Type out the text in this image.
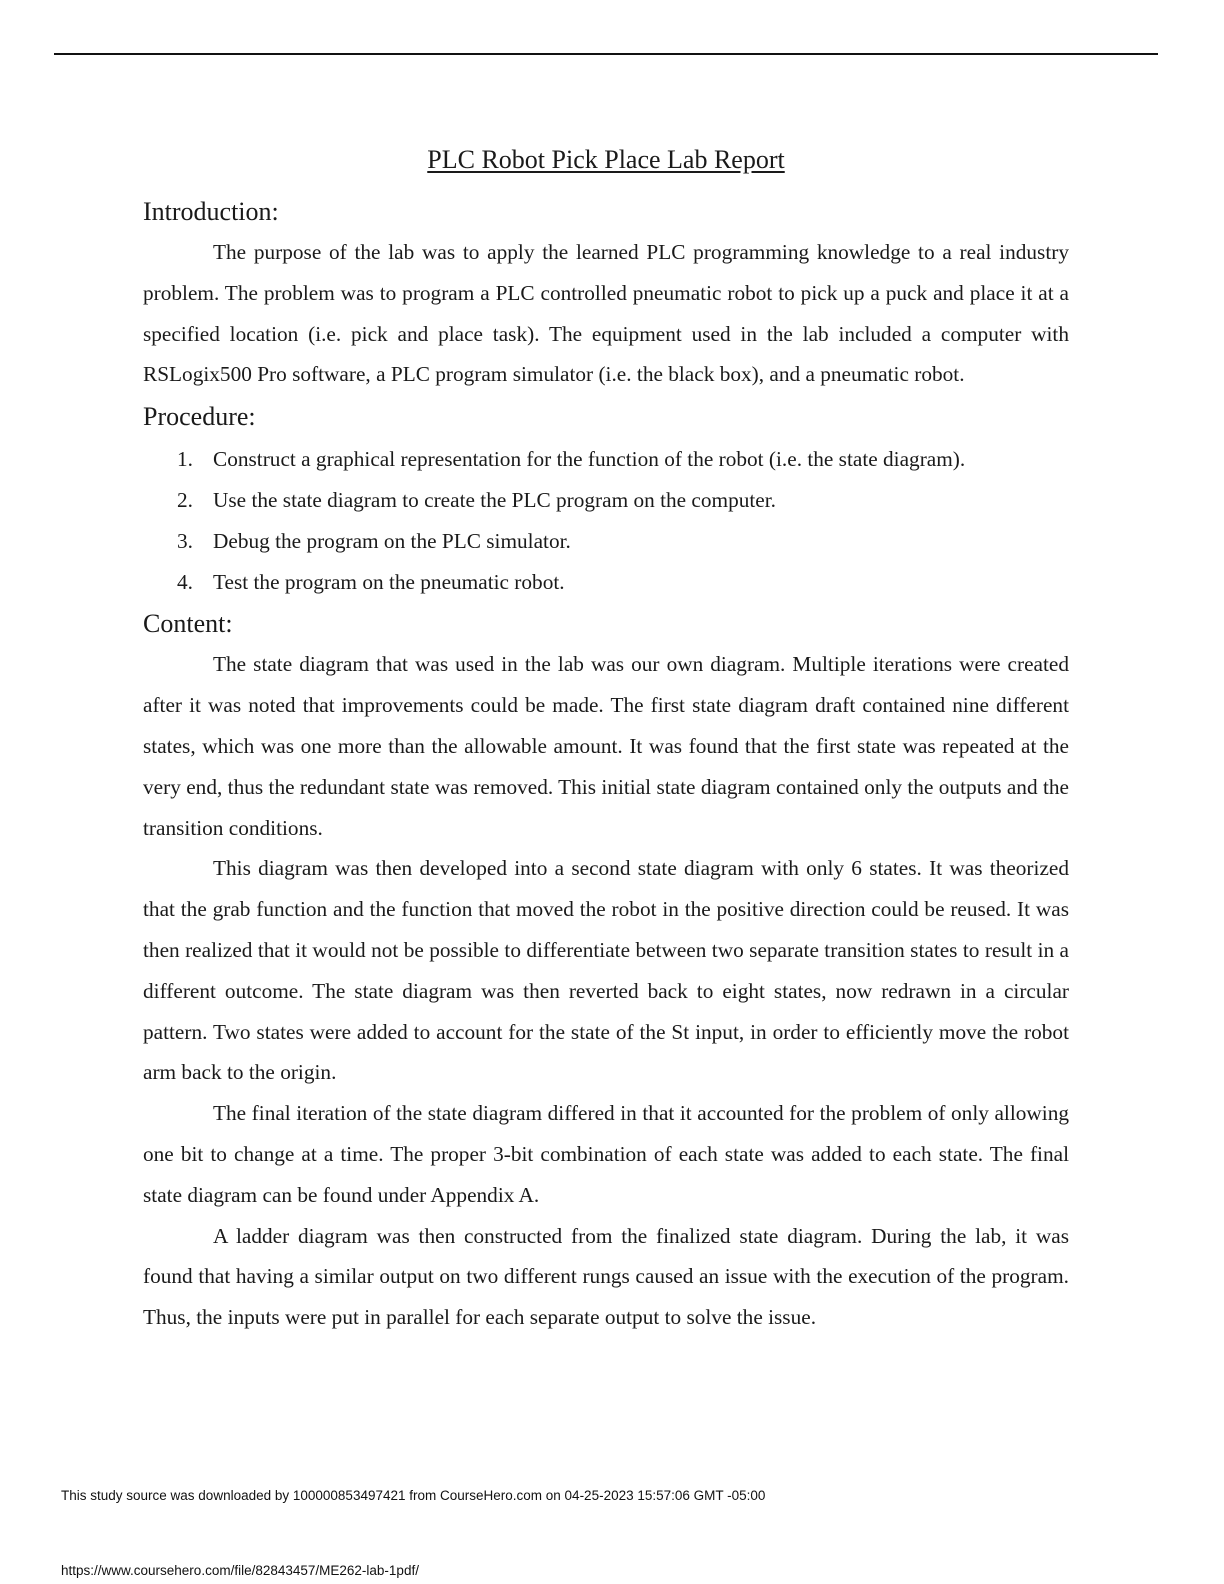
PLC Robot Pick Place Lab Report
Introduction:

The purpose of the lab was to apply the learned PLC programming knowledge to a real industry problem. The problem was to program a PLC controlled pneumatic robot to pick up a puck and place it at a specified location (i.e. pick and place task). The equipment used in the lab included a computer with RSLogix500 Pro software, a PLC program simulator (i.e. the black box), and a pneumatic robot.

Procedure:
1. Construct a graphical representation for the function of the robot (i.e. the state diagram).
2. Use the state diagram to create the PLC program on the computer.
3. Debug the program on the PLC simulator.
4. Test the program on the pneumatic robot.
Content:

The state diagram that was used in the lab was our own diagram. Multiple iterations were created after it was noted that improvements could be made. The first state diagram draft contained nine different states, which was one more than the allowable amount. It was found that the first state was repeated at the very end, thus the redundant state was removed. This initial state diagram contained only the outputs and the transition conditions.

This diagram was then developed into a second state diagram with only 6 states. It was theorized that the grab function and the function that moved the robot in the positive direction could be reused. It was then realized that it would not be possible to differentiate between two separate transition states to result in a different outcome. The state diagram was then reverted back to eight states, now redrawn in a circular pattern. Two states were added to account for the state of the St input, in order to efficiently move the robot arm back to the origin.

The final iteration of the state diagram differed in that it accounted for the problem of only allowing one bit to change at a time. The proper 3-bit combination of each state was added to each state. The final state diagram can be found under Appendix A.

A ladder diagram was then constructed from the finalized state diagram. During the lab, it was found that having a similar output on two different rungs caused an issue with the execution of the program. Thus, the inputs were put in parallel for each separate output to solve the issue.

This study source was downloaded by 100000853497421 from CourseHero.com on 04-25-2023 15:57:06 GMT -05:00
https://www.coursehero.com/file/82843457/ME262-lab-1pdf/
